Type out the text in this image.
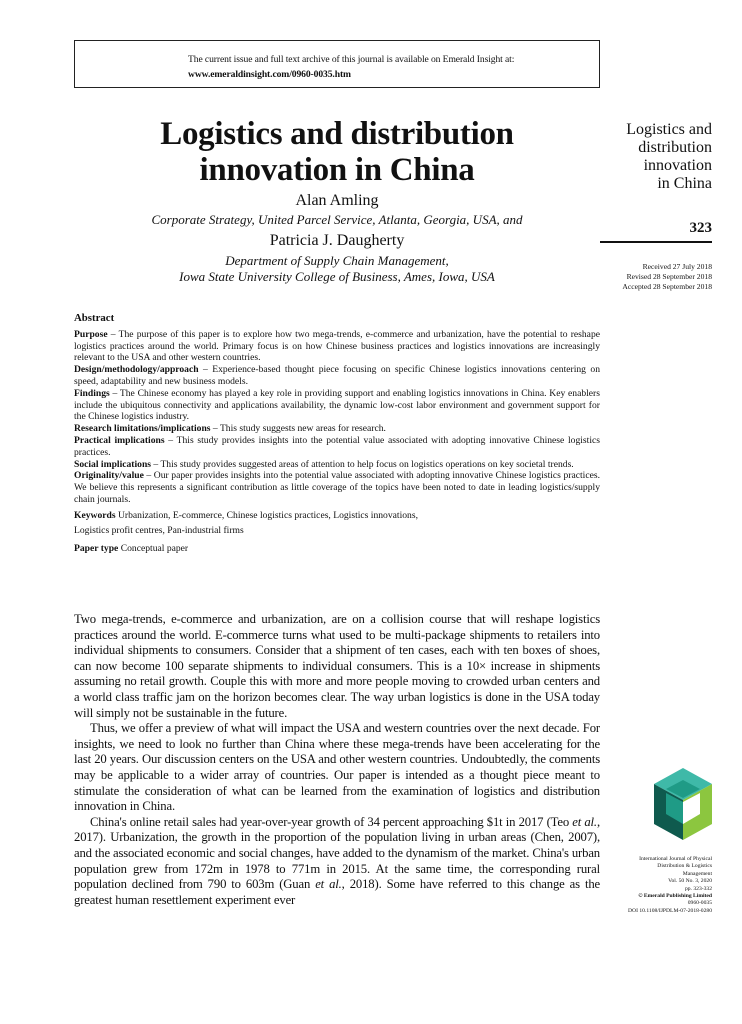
The current issue and full text archive of this journal is available on Emerald Insight at:
www.emeraldinsight.com/0960-0035.htm
Logistics and distribution
innovation in China
Alan Amling
Corporate Strategy, United Parcel Service, Atlanta, Georgia, USA, and
Patricia J. Daugherty
Department of Supply Chain Management,
Iowa State University College of Business, Ames, Iowa, USA
Logistics and
distribution
innovation
in China
323
Received 27 July 2018
Revised 28 September 2018
Accepted 28 September 2018
Abstract

Purpose – The purpose of this paper is to explore how two mega-trends, e-commerce and urbanization, have the potential to reshape logistics practices around the world. Primary focus is on how Chinese business practices and logistics innovations are increasingly relevant to the USA and other western countries.

Design/methodology/approach – Experience-based thought piece focusing on specific Chinese logistics innovations centering on speed, adaptability and new business models.

Findings – The Chinese economy has played a key role in providing support and enabling logistics innovations in China. Key enablers include the ubiquitous connectivity and applications availability, the dynamic low-cost labor environment and government support for the Chinese logistics industry.

Research limitations/implications – This study suggests new areas for research.

Practical implications – This study provides insights into the potential value associated with adopting innovative Chinese logistics practices.

Social implications – This study provides suggested areas of attention to help focus on logistics operations on key societal trends.

Originality/value – Our paper provides insights into the potential value associated with adopting innovative Chinese logistics practices. We believe this represents a significant contribution as little coverage of the topics have been noted to date in leading logistics/supply chain journals.

Keywords Urbanization, E-commerce, Chinese logistics practices, Logistics innovations,
Logistics profit centres, Pan-industrial firms
Paper type Conceptual paper

Two mega-trends, e-commerce and urbanization, are on a collision course that will reshape logistics practices around the world. E-commerce turns what used to be multi-package shipments to retailers into individual shipments to consumers. Consider that a shipment of ten cases, each with ten boxes of shoes, can now become 100 separate shipments to individual consumers. This is a 10× increase in shipments assuming no retail growth. Couple this with more and more people moving to crowded urban centers and a world class traffic jam on the horizon becomes clear. The way urban logistics is done in the USA today will simply not be sustainable in the future.

Thus, we offer a preview of what will impact the USA and western countries over the next decade. For insights, we need to look no further than China where these mega-trends have been accelerating for the last 20 years. Our discussion centers on the USA and other western countries. Undoubtedly, the comments may be applicable to a wider array of countries. Our paper is intended as a thought piece meant to stimulate the consideration of what can be learned from the examination of logistics and distribution innovation in China.

China's online retail sales had year-over-year growth of 34 percent approaching $1t in 2017 (Teo et al., 2017). Urbanization, the growth in the proportion of the population living in urban areas (Chen, 2007), and the associated economic and social changes, have added to the dynamism of the market. China's urban population grew from 172m in 1978 to 771m in 2015. At the same time, the corresponding rural population declined from 790 to 603m (Guan et al., 2018). Some have referred to this change as the greatest human resettlement experiment ever

International Journal of Physical
Distribution & Logistics
Management
Vol. 50 No. 3, 2020
pp. 323-332
© Emerald Publishing Limited
0960-0035
DOI 10.1108/IJPDLM-07-2018-0280
